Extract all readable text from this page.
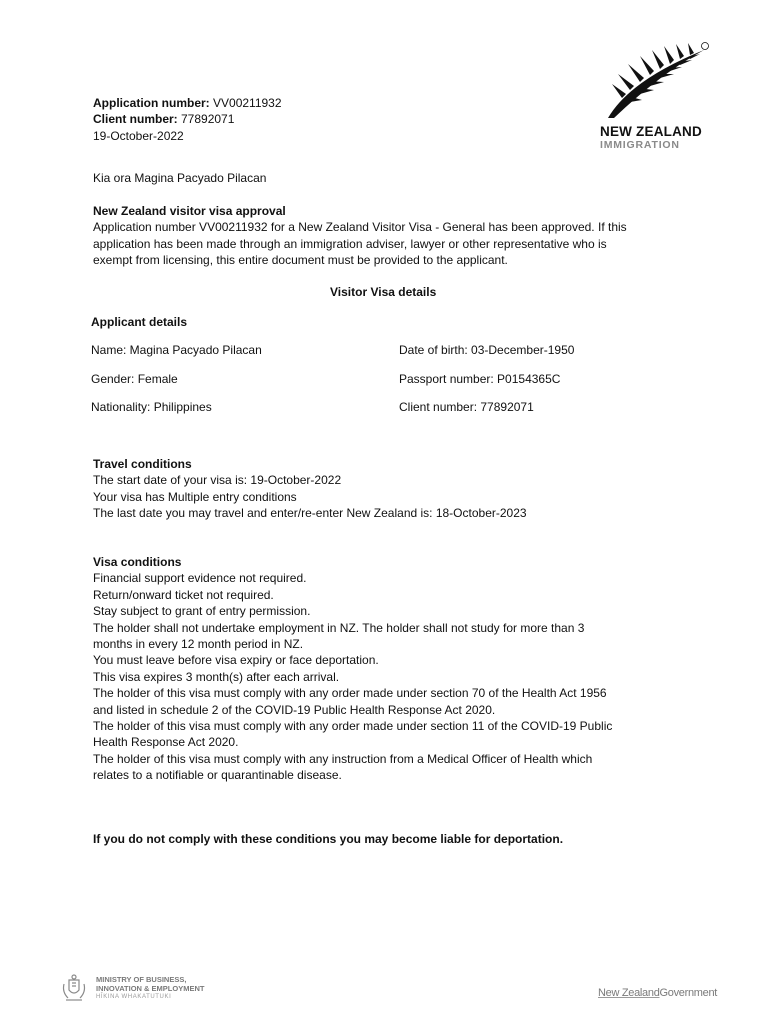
Application number: VV00211932
Client number: 77892071
19-October-2022	NEW ZEALAND
IMMIGRATION
Kia ora Magina Pacyado Pilacan
New Zealand visitor visa approval
Application number VV00211932 for a New Zealand Visitor Visa - General has been approved. If this
application has been made through an immigration adviser, lawyer or other representative who is
exempt from licensing, this entire document must be provided to the applicant.
Visitor Visa details
Applicant details
Name: Magina Pacyado Pilacan	Date of birth: 03-December-1950
Gender: Female	Passport number: P0154365C
Nationality: Philippines	Client number: 77892071
Travel conditions
The start date of your visa is: 19-October-2022
Your visa has Multiple entry conditions
The last date you may travel and enter/re-enter New Zealand is: 18-October-2023
Visa conditions
Financial support evidence not required.
Return/onward ticket not required.
Stay subject to grant of entry permission.
The holder shall not undertake employment in NZ. The holder shall not study for more than 3
months in every 12 month period in NZ.
You must leave before visa expiry or face deportation.
This visa expires 3 month(s) after each arrival.
The holder of this visa must comply with any order made under section 70 of the Health Act 1956
and listed in schedule 2 of the COVID-19 Public Health Response Act 2020.
The holder of this visa must comply with any order made under section 11 of the COVID-19 Public
Health Response Act 2020.
The holder of this visa must comply with any instruction from a Medical Officer of Health which
relates to a notifiable or quarantinable disease.
If you do not comply with these conditions you may become liable for deportation.
MINISTRY OF BUSINESS,
INNOVATION & EMPLOYMENT
HĪKINA WHAKATUTUKI	New ZealandGovernment
